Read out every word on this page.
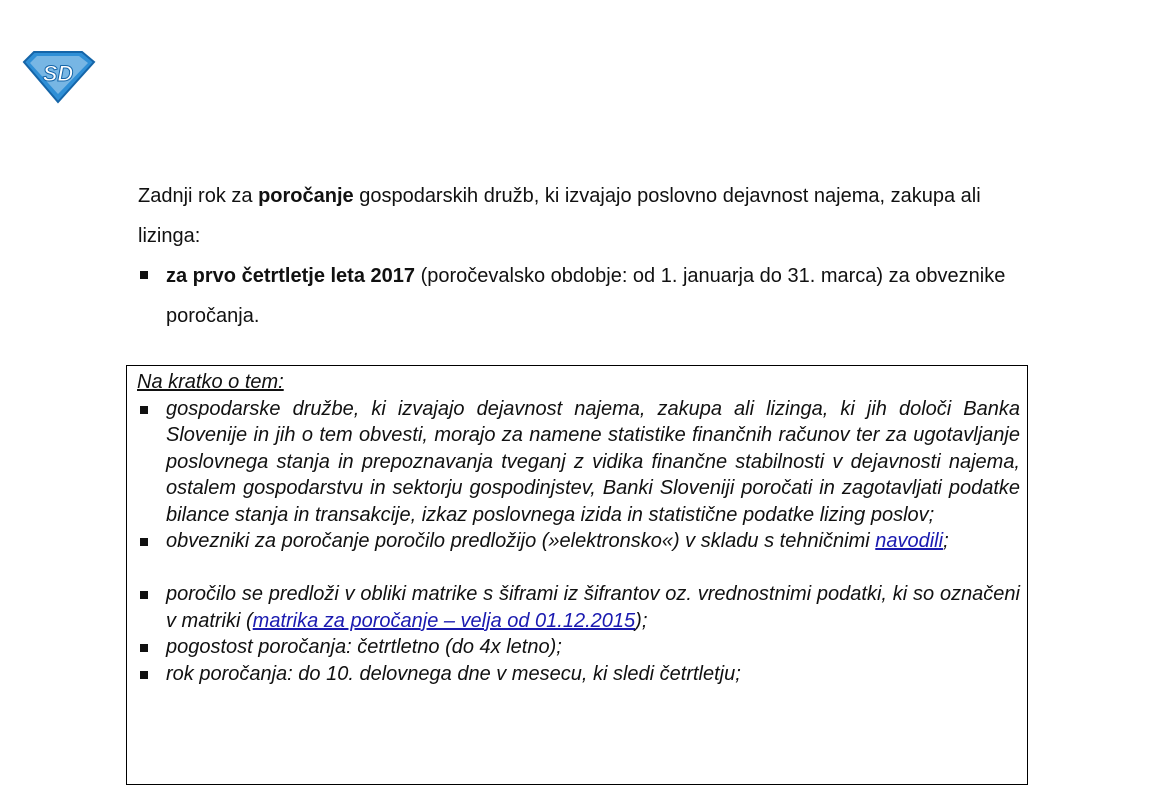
SD

Zadnji rok za poročanje gospodarskih družb, ki izvajajo poslovno dejavnost najema, zakupa ali lizinga:

za prvo četrtletje leta 2017 (poročevalsko obdobje: od 1. januarja do 31. marca) za obveznike poročanja.

Na kratko o tem:

gospodarske družbe, ki izvajajo dejavnost najema, zakupa ali lizinga, ki jih določi Banka Slovenije in jih o tem obvesti, morajo za namene statistike finančnih računov ter za ugotavljanje poslovnega stanja in prepoznavanja tveganj z vidika finančne stabilnosti v dejavnosti najema, ostalem gospodarstvu in sektorju gospodinjstev, Banki Sloveniji poročati in zagotavljati podatke bilance stanja in transakcije, izkaz poslovnega izida in statistične podatke lizing poslov;
obvezniki za poročanje poročilo predložijo (»elektronsko«) v skladu s tehničnimi navodili;
poročilo se predloži v obliki matrike s šiframi iz šifrantov oz. vrednostnimi podatki, ki so označeni v matriki (matrika za poročanje – velja od 01.12.2015);
pogostost poročanja: četrtletno (do 4x letno);
rok poročanja: do 10. delovnega dne v mesecu, ki sledi četrtletju;
